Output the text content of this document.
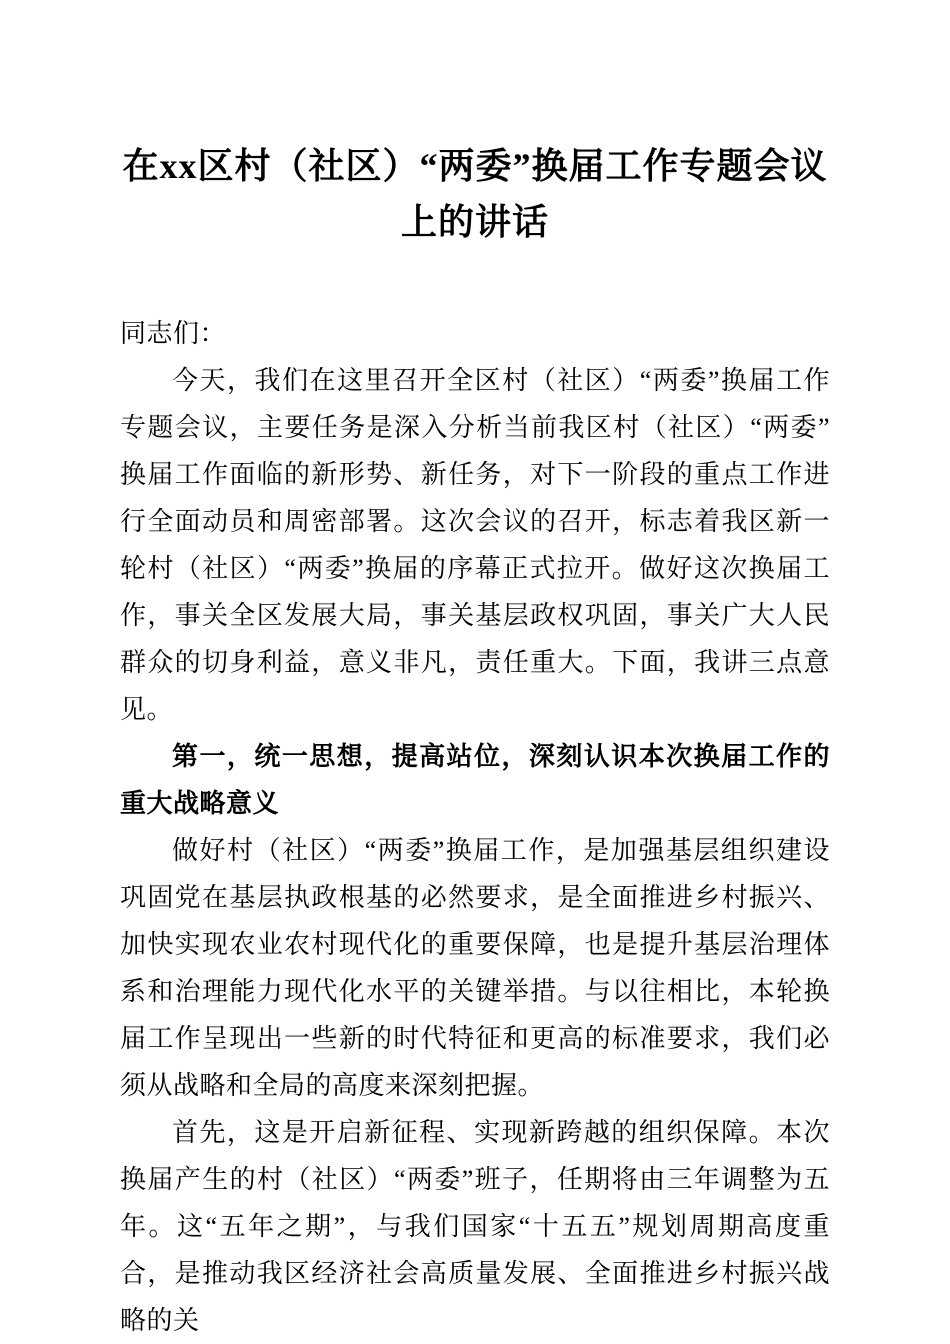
在xx区村（社区）“两委”换届工作专题会议上的讲话

同志们：

今天，我们在这里召开全区村（社区）“两委”换届工作专题会议，主要任务是深入分析当前我区村（社区）“两委”换届工作面临的新形势、新任务，对下一阶段的重点工作进行全面动员和周密部署。这次会议的召开，标志着我区新一轮村（社区）“两委”换届的序幕正式拉开。做好这次换届工作，事关全区发展大局，事关基层政权巩固，事关广大人民群众的切身利益，意义非凡，责任重大。下面，我讲三点意见。

第一，统一思想，提高站位，深刻认识本次换届工作的重大战略意义

做好村（社区）“两委”换届工作，是加强基层组织建设巩固党在基层执政根基的必然要求，是全面推进乡村振兴、加快实现农业农村现代化的重要保障，也是提升基层治理体系和治理能力现代化水平的关键举措。与以往相比，本轮换届工作呈现出一些新的时代特征和更高的标准要求，我们必须从战略和全局的高度来深刻把握。

首先，这是开启新征程、实现新跨越的组织保障。本次换届产生的村（社区）“两委”班子，任期将由三年调整为五年。这“五年之期”，与我们国家“十五五”规划周期高度重合，是推动我区经济社会高质量发展、全面推进乡村振兴战略的关
